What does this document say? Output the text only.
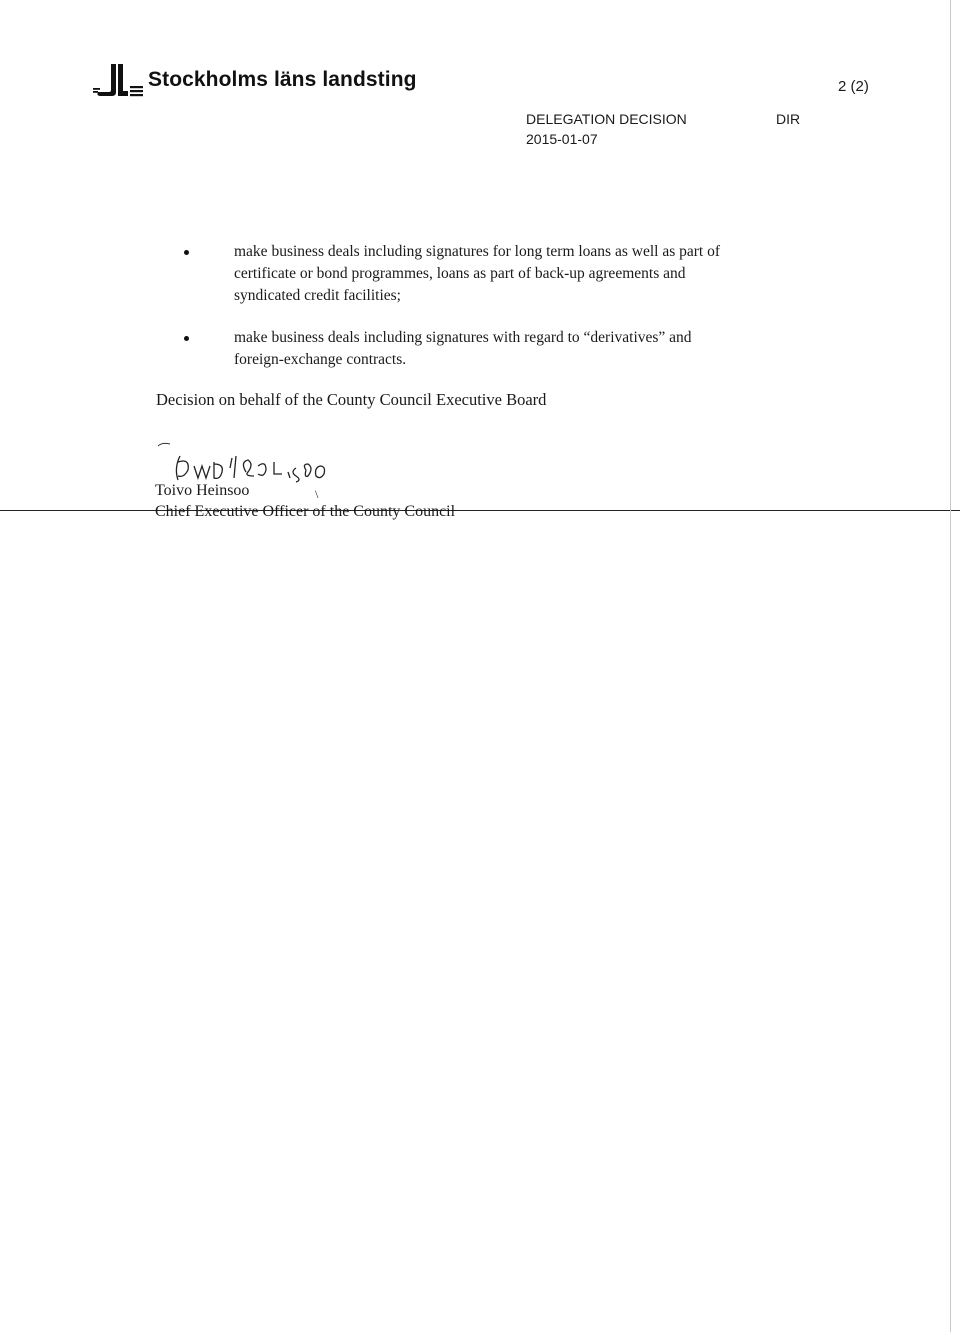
Stockholms läns landsting	2 (2)
DELEGATION DECISION
2015-01-07
DIR
make business deals including signatures for long term loans as well as part of certificate or bond programmes, loans as part of back-up agreements and syndicated credit facilities;
make business deals including signatures with regard to “derivatives” and foreign-exchange contracts.
Decision on behalf of the County Council Executive Board
Toivo Heinsoo	\
Chief Executive Officer of the County Council
